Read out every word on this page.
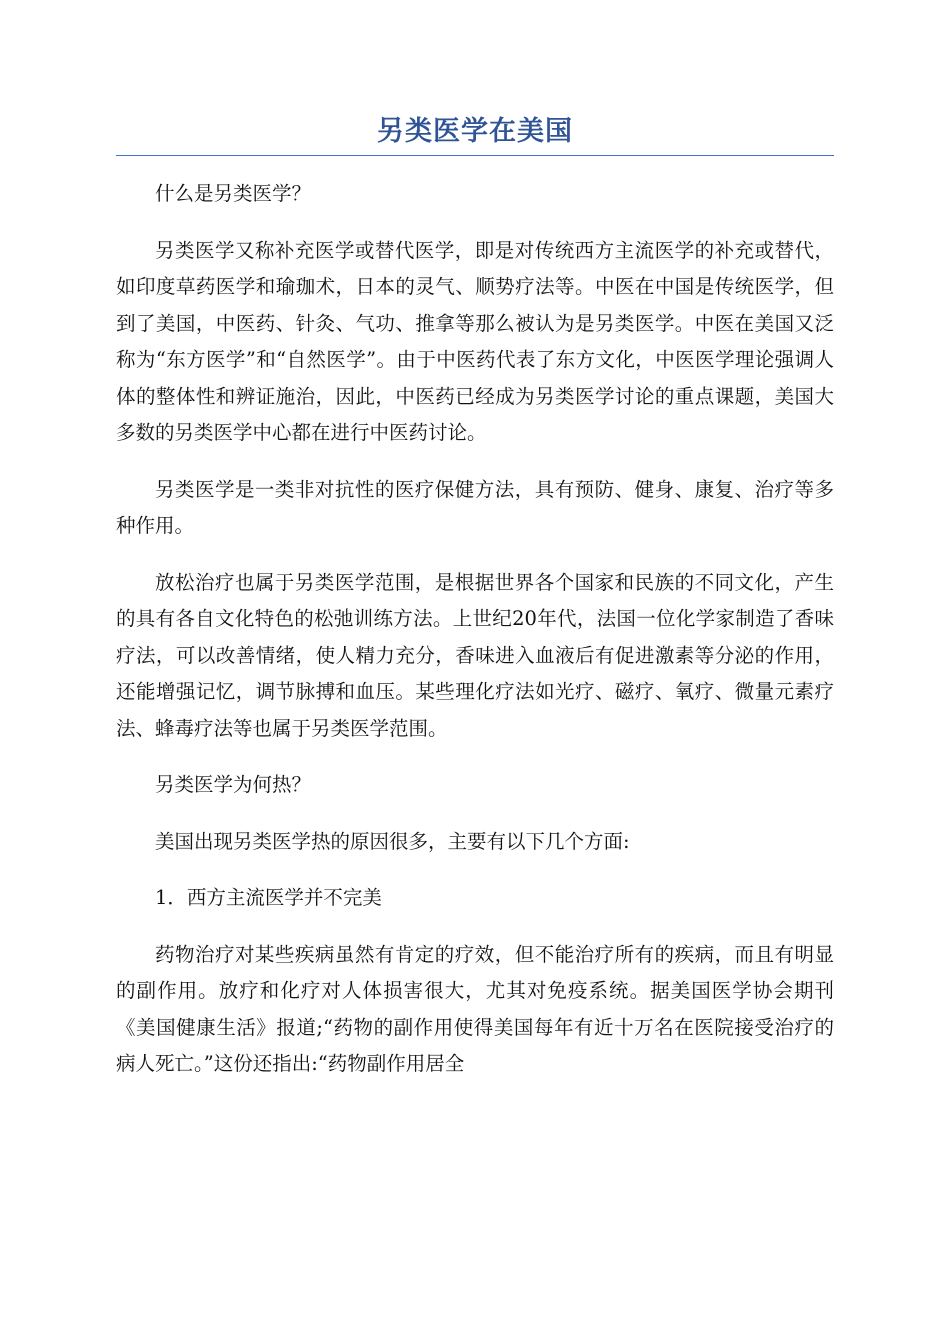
另类医学在美国

什么是另类医学？

另类医学又称补充医学或替代医学，即是对传统西方主流医学的补充或替代，如印度草药医学和瑜珈术，日本的灵气、顺势疗法等。中医在中国是传统医学，但到了美国，中医药、针灸、气功、推拿等那么被认为是另类医学。中医在美国又泛称为“东方医学”和“自然医学”。由于中医药代表了东方文化，中医医学理论强调人体的整体性和辨证施治，因此，中医药已经成为另类医学讨论的重点课题，美国大多数的另类医学中心都在进行中医药讨论。

另类医学是一类非对抗性的医疗保健方法，具有预防、健身、康复、治疗等多种作用。

放松治疗也属于另类医学范围，是根据世界各个国家和民族的不同文化，产生的具有各自文化特色的松弛训练方法。上世纪20年代，法国一位化学家制造了香味疗法，可以改善情绪，使人精力充分，香味进入血液后有促进激素等分泌的作用，还能增强记忆，调节脉搏和血压。某些理化疗法如光疗、磁疗、氧疗、微量元素疗法、蜂毒疗法等也属于另类医学范围。

另类医学为何热？

美国出现另类医学热的原因很多，主要有以下几个方面:

1．西方主流医学并不完美

药物治疗对某些疾病虽然有肯定的疗效，但不能治疗所有的疾病，而且有明显的副作用。放疗和化疗对人体损害很大，尤其对免疫系统。据美国医学协会期刊《美国健康生活》报道;“药物的副作用使得美国每年有近十万名在医院接受治疗的病人死亡。”这份还指出:“药物副作用居全
